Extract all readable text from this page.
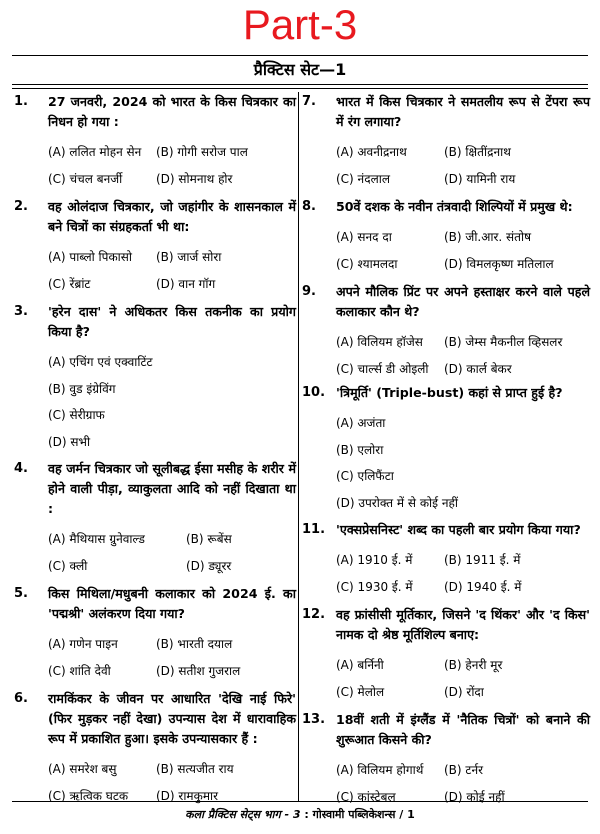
Part-3
प्रैक्टिस सेट—1
1. 27 जनवरी, 2024 को भारत के किस चित्रकार का निधन हो गया :
(A) ललित मोहन सेन	(B) गोगी सरोज पाल
(C) चंचल बनर्जी	(D) सोमनाथ होर
2. वह ओलंदाज चित्रकार, जो जहांगीर के शासनकाल में बने चित्रों का संग्रहकर्ता भी था:
(A) पाब्लो पिकासो	(B) जार्ज सोरा
(C) रेंब्रांट	(D) वान गॉग
3. 'हरेन दास' ने अधिकतर किस तकनीक का प्रयोग किया है?
(A) एचिंग एवं एक्वाटिंट
(B) वुड इंग्रेविंग
(C) सेरीग्राफ
(D) सभी
4. वह जर्मन चित्रकार जो सूलीबद्ध ईसा मसीह के शरीर में होने वाली पीड़ा, व्याकुलता आदि को नहीं दिखाता था :
(A) मैथियास ग्रुनेवाल्ड	(B) रूबेंस
(C) क्ली	(D) ड्यूरर
5. किस मिथिला/मधुबनी कलाकार को 2024 ई. का 'पद्मश्री' अलंकरण दिया गया?
(A) गणेन पाइन	(B) भारती दयाल
(C) शांति देवी	(D) सतीश गुजराल
6. रामकिंकर के जीवन पर आधारित 'देखि नाई फिरे' (फिर मुड़कर नहीं देखा) उपन्यास देश में धारावाहिक रूप में प्रकाशित हुआ। इसके उपन्यासकार हैं :
(A) समरेश बसु	(B) सत्यजीत राय
(C) ऋत्विक घटक	(D) रामकुमार
7. भारत में किस चित्रकार ने समतलीय रूप से टेंपरा रूप में रंग लगाया?
(A) अवनीद्रनाथ	(B) क्षितींद्रनाथ
(C) नंदलाल	(D) यामिनी राय
8. 50वें दशक के नवीन तंत्रवादी शिल्पियों में प्रमुख थे:
(A) सनद दा	(B) जी.आर. संतोष
(C) श्यामलदा	(D) विमलकृष्ण मतिलाल
9. अपने मौलिक प्रिंट पर अपने हस्ताक्षर करने वाले पहले कलाकार कौन थे?
(A) विलियम हॉजेस	(B) जेम्स मैकनील व्हिसलर
(C) चार्ल्स डी ओइली	(D) कार्ल बेकर
10. 'त्रिमूर्ति' (Triple-bust) कहां से प्राप्त हुई है?
(A) अजंता
(B) एलोरा
(C) एलिफैंटा
(D) उपरोक्त में से कोई नहीं
11. 'एक्सप्रेसनिस्ट' शब्द का पहली बार प्रयोग किया गया?
(A) 1910 ई. में	(B) 1911 ई. में
(C) 1930 ई. में	(D) 1940 ई. में
12. वह फ्रांसीसी मूर्तिकार, जिसने 'द थिंकर' और 'द किस' नामक दो श्रेष्ठ मूर्तिशिल्प बनाए:
(A) बर्निनी	(B) हेनरी मूर
(C) मेलोल	(D) रोंदा
13. 18वीं शती में इंग्लैंड में 'नैतिक चित्रों' को बनाने की शुरूआत किसने की?
(A) विलियम होगार्थ	(B) टर्नर
(C) कांस्टेबल	(D) कोई नहीं
कला प्रैक्टिस सेट्स भाग - 3 : गोस्वामी पब्लिकेशन्स / 1
